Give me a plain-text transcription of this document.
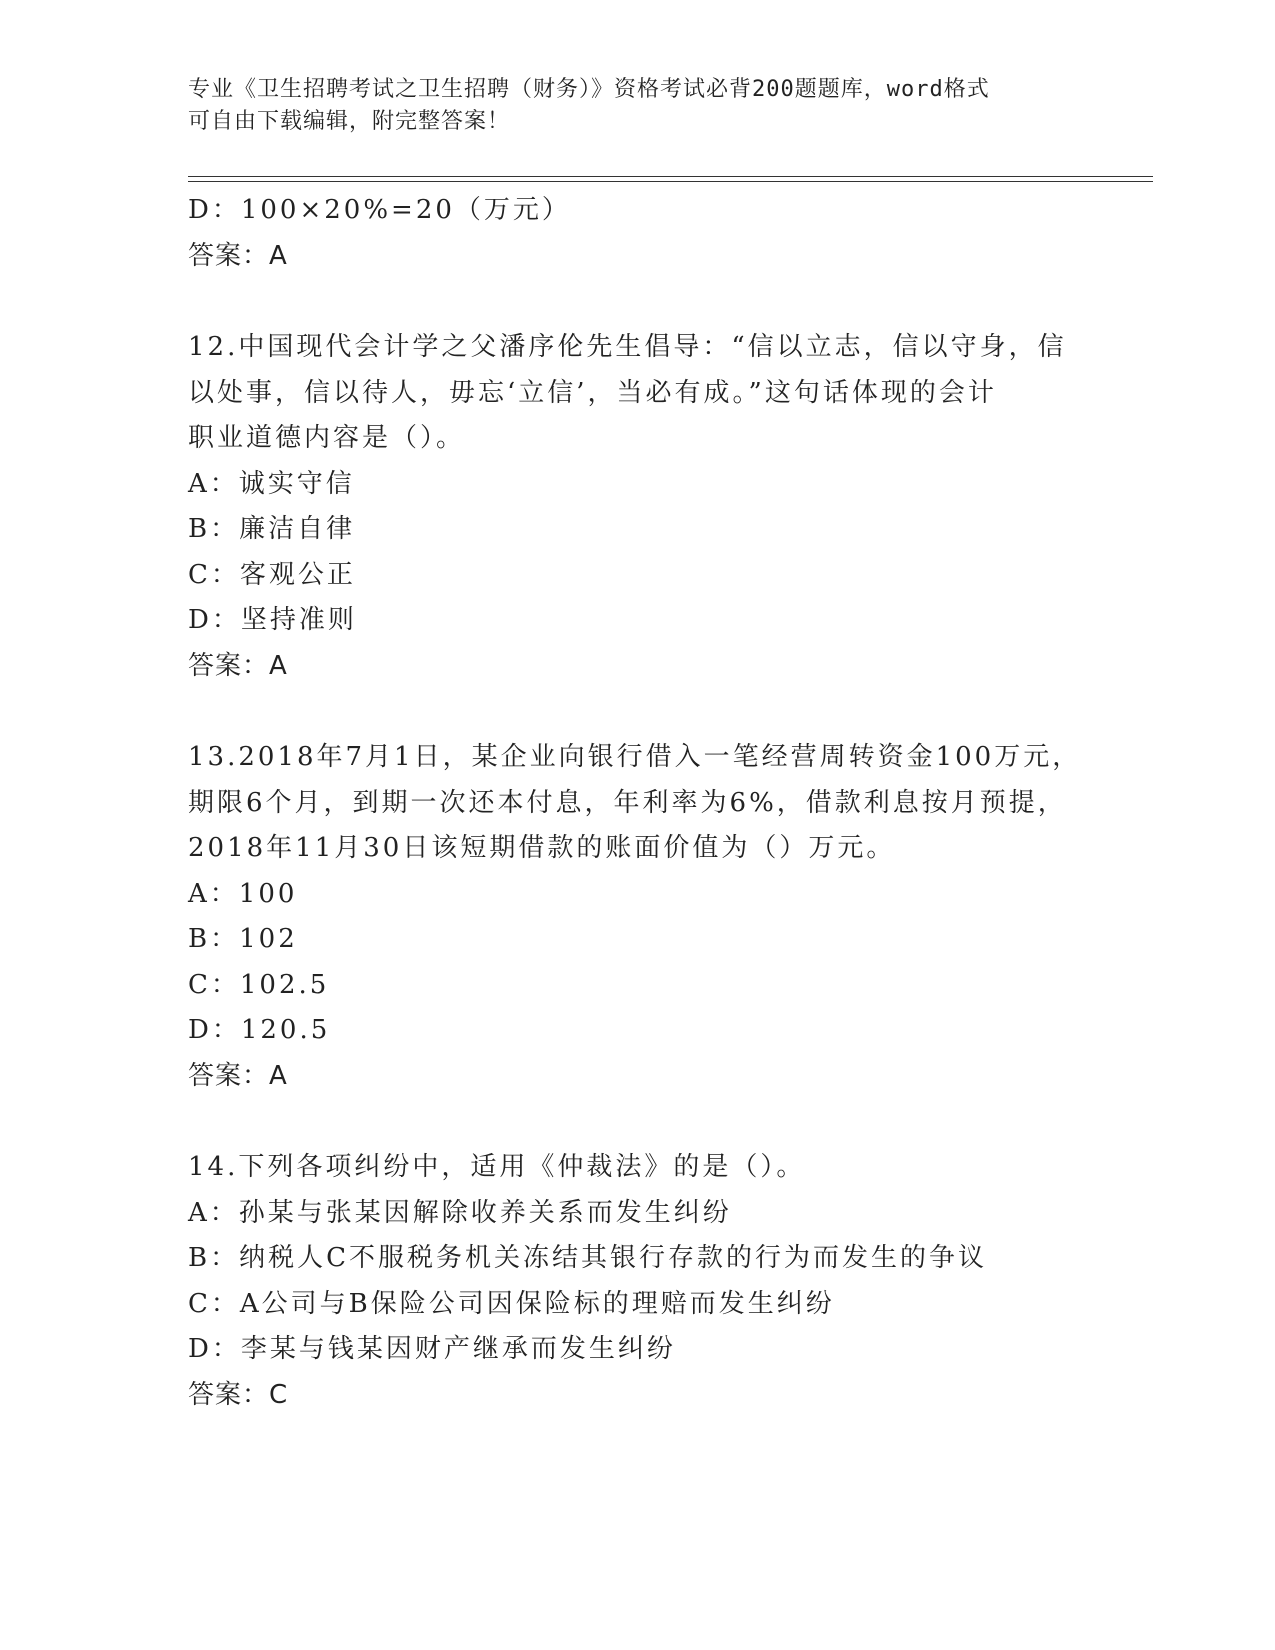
专业《卫生招聘考试之卫生招聘（财务）》资格考试必背200题题库，word格式
可自由下载编辑，附完整答案！
D：100×20%=20（万元）
答案：A
12.中国现代会计学之父潘序伦先生倡导：“信以立志，信以守身，信
以处事，信以待人，毋忘‘立信’，当必有成。”这句话体现的会计
职业道德内容是（）。
A：诚实守信
B：廉洁自律
C：客观公正
D：坚持准则
答案：A
13.2018年7月1日，某企业向银行借入一笔经营周转资金100万元，
期限6个月，到期一次还本付息，年利率为6%，借款利息按月预提，
2018年11月30日该短期借款的账面价值为（）万元。
A：100
B：102
C：102.5
D：120.5
答案：A
14.下列各项纠纷中，适用《仲裁法》的是（）。
A：孙某与张某因解除收养关系而发生纠纷
B：纳税人C不服税务机关冻结其银行存款的行为而发生的争议
C：A公司与B保险公司因保险标的理赔而发生纠纷
D：李某与钱某因财产继承而发生纠纷
答案：C
